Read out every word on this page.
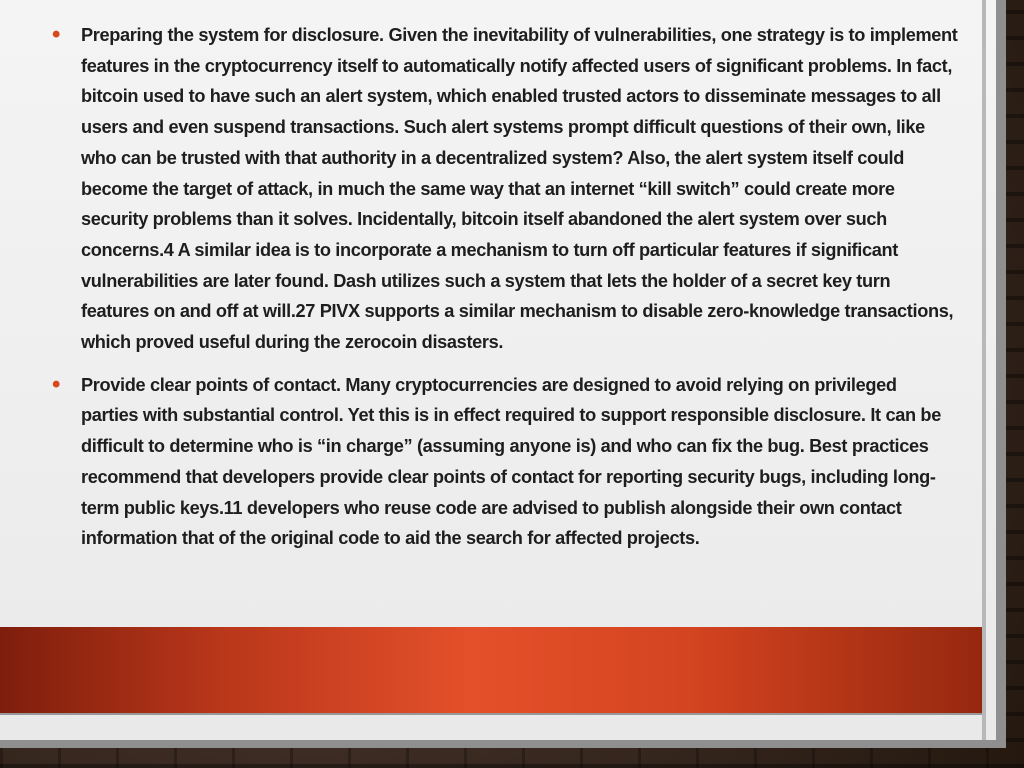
• Preparing the system for disclosure. Given the inevitability of vulnerabilities, one strategy is to implement features in the cryptocurrency itself to automatically notify affected users of significant problems. In fact, bitcoin used to have such an alert system, which enabled trusted actors to disseminate messages to all users and even suspend transactions. Such alert systems prompt difficult questions of their own, like who can be trusted with that authority in a decentralized system? Also, the alert system itself could become the target of attack, in much the same way that an internet “kill switch” could create more security problems than it solves. Incidentally, bitcoin itself abandoned the alert system over such concerns.4 A similar idea is to incorporate a mechanism to turn off particular features if significant vulnerabilities are later found. Dash utilizes such a system that lets the holder of a secret key turn features on and off at will.27 PIVX supports a similar mechanism to disable zero-knowledge transactions, which proved useful during the zerocoin disasters.
• Provide clear points of contact. Many cryptocurrencies are designed to avoid relying on privileged parties with substantial control. Yet this is in effect required to support responsible disclosure. It can be difficult to determine who is “in charge” (assuming anyone is) and who can fix the bug. Best practices recommend that developers provide clear points of contact for reporting security bugs, including long-term public keys.11 developers who reuse code are advised to publish alongside their own contact information that of the original code to aid the search for affected projects.
